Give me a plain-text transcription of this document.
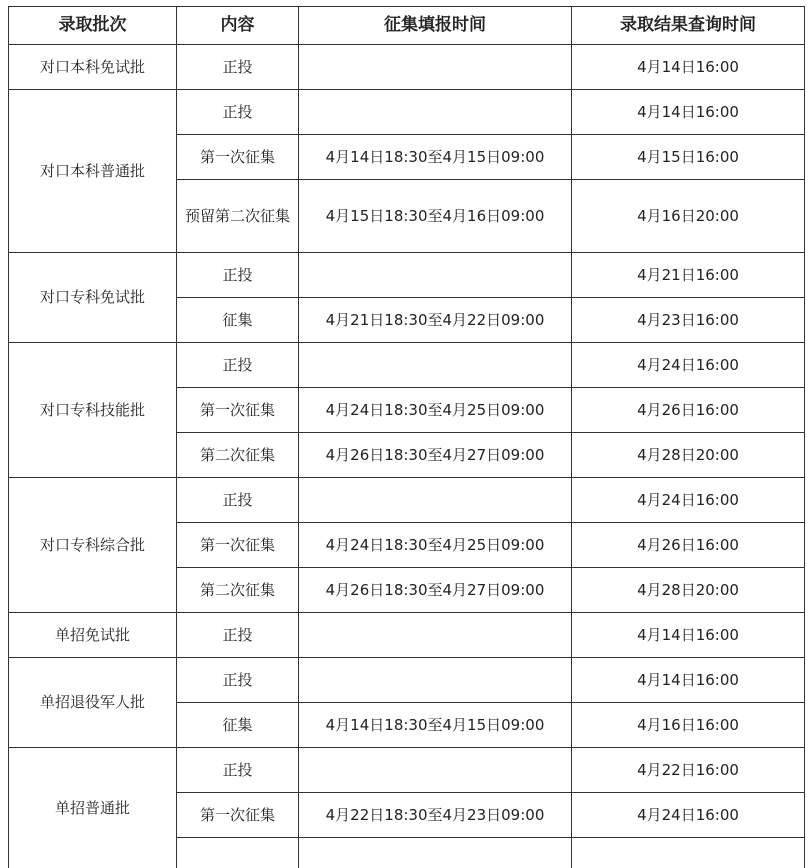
录取批次	内容	征集填报时间	录取结果查询时间
对口本科免试批	正投		4月14日16:00
对口本科普通批	正投		4月14日16:00
	第一次征集	4月14日18:30至4月15日09:00	4月15日16:00
	预留第二次征集	4月15日18:30至4月16日09:00	4月16日20:00
对口专科免试批	正投		4月21日16:00
	征集	4月21日18:30至4月22日09:00	4月23日16:00
对口专科技能批	正投		4月24日16:00
	第一次征集	4月24日18:30至4月25日09:00	4月26日16:00
	第二次征集	4月26日18:30至4月27日09:00	4月28日20:00
对口专科综合批	正投		4月24日16:00
	第一次征集	4月24日18:30至4月25日09:00	4月26日16:00
	第二次征集	4月26日18:30至4月27日09:00	4月28日20:00
单招免试批	正投		4月14日16:00
单招退役军人批	正投		4月14日16:00
	征集	4月14日18:30至4月15日09:00	4月16日16:00
单招普通批	正投		4月22日16:00
	第一次征集	4月22日18:30至4月23日09:00	4月24日16:00
